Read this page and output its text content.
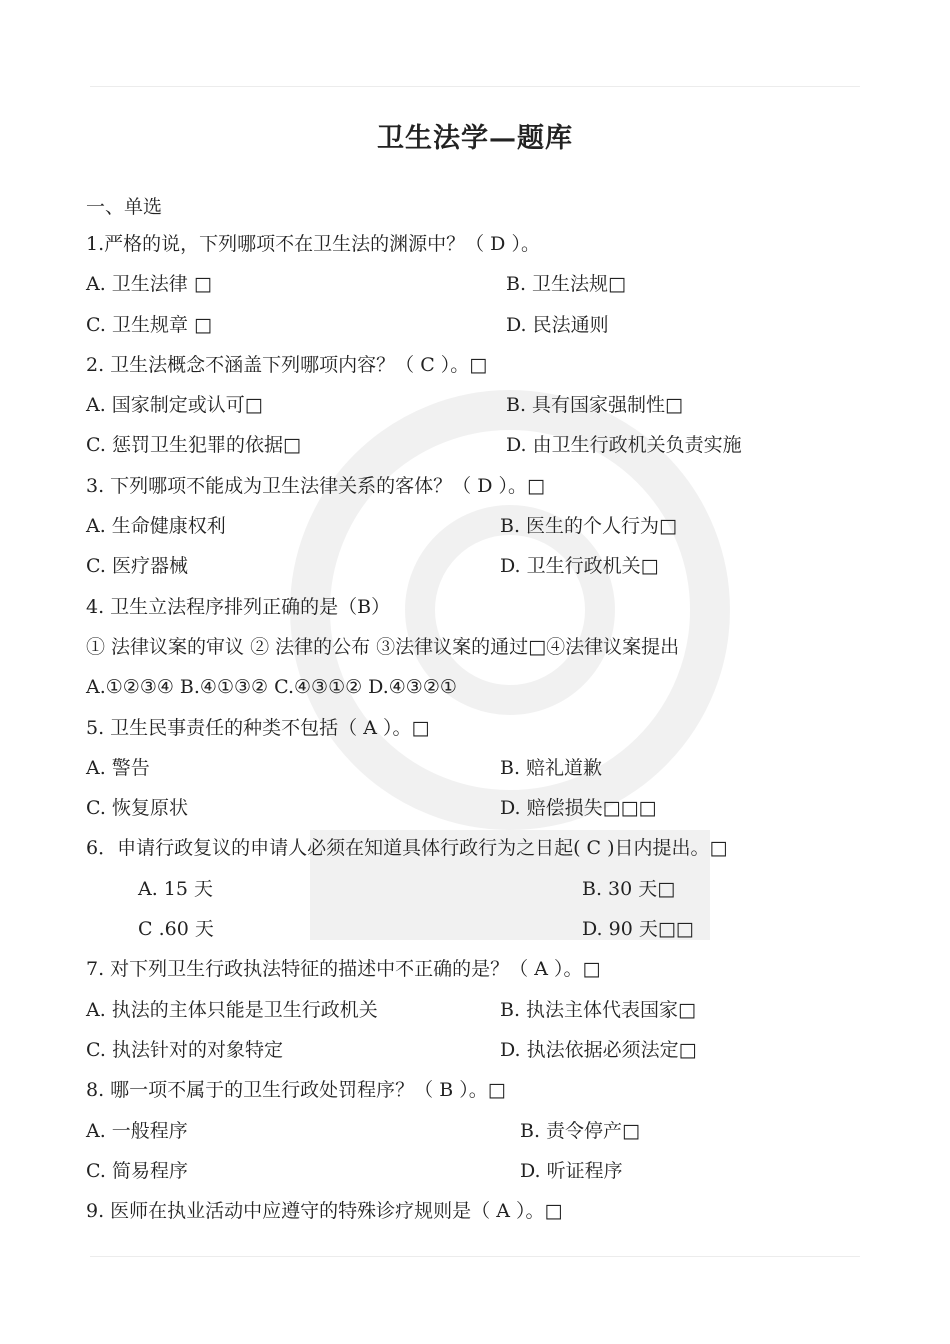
卫生法学—题库
一、单选
1.严格的说，下列哪项不在卫生法的渊源中？（ D ）。
A. 卫生法律 □	B. 卫生法规□
C. 卫生规章 □	D. 民法通则
2. 卫生法概念不涵盖下列哪项内容？（ C ）。□
A. 国家制定或认可□	B. 具有国家强制性□
C. 惩罚卫生犯罪的依据□	D. 由卫生行政机关负责实施
3. 下列哪项不能成为卫生法律关系的客体？（ D ）。□
A. 生命健康权利	B. 医生的个人行为□
C. 医疗器械	D. 卫生行政机关□
4. 卫生立法程序排列正确的是（B）
① 法律议案的审议 ② 法律的公布 ③法律议案的通过□④法律议案提出
A.①②③④ B.④①③② C.④③①② D.④③②①
5. 卫生民事责任的种类不包括（ A ）。□
A. 警告	B. 赔礼道歉
C. 恢复原状	D. 赔偿损失□□□
6．申请行政复议的申请人必须在知道具体行政行为之日起( C )日内提出。□
A. 15 天	B. 30 天□
C .60 天	D. 90 天□□
7. 对下列卫生行政执法特征的描述中不正确的是？（ A ）。□
A. 执法的主体只能是卫生行政机关	B. 执法主体代表国家□
C. 执法针对的对象特定	D. 执法依据必须法定□
8. 哪一项不属于的卫生行政处罚程序？（ B ）。□
A. 一般程序	B. 责令停产□
C. 简易程序	D. 听证程序
9. 医师在执业活动中应遵守的特殊诊疗规则是（ A ）。□
